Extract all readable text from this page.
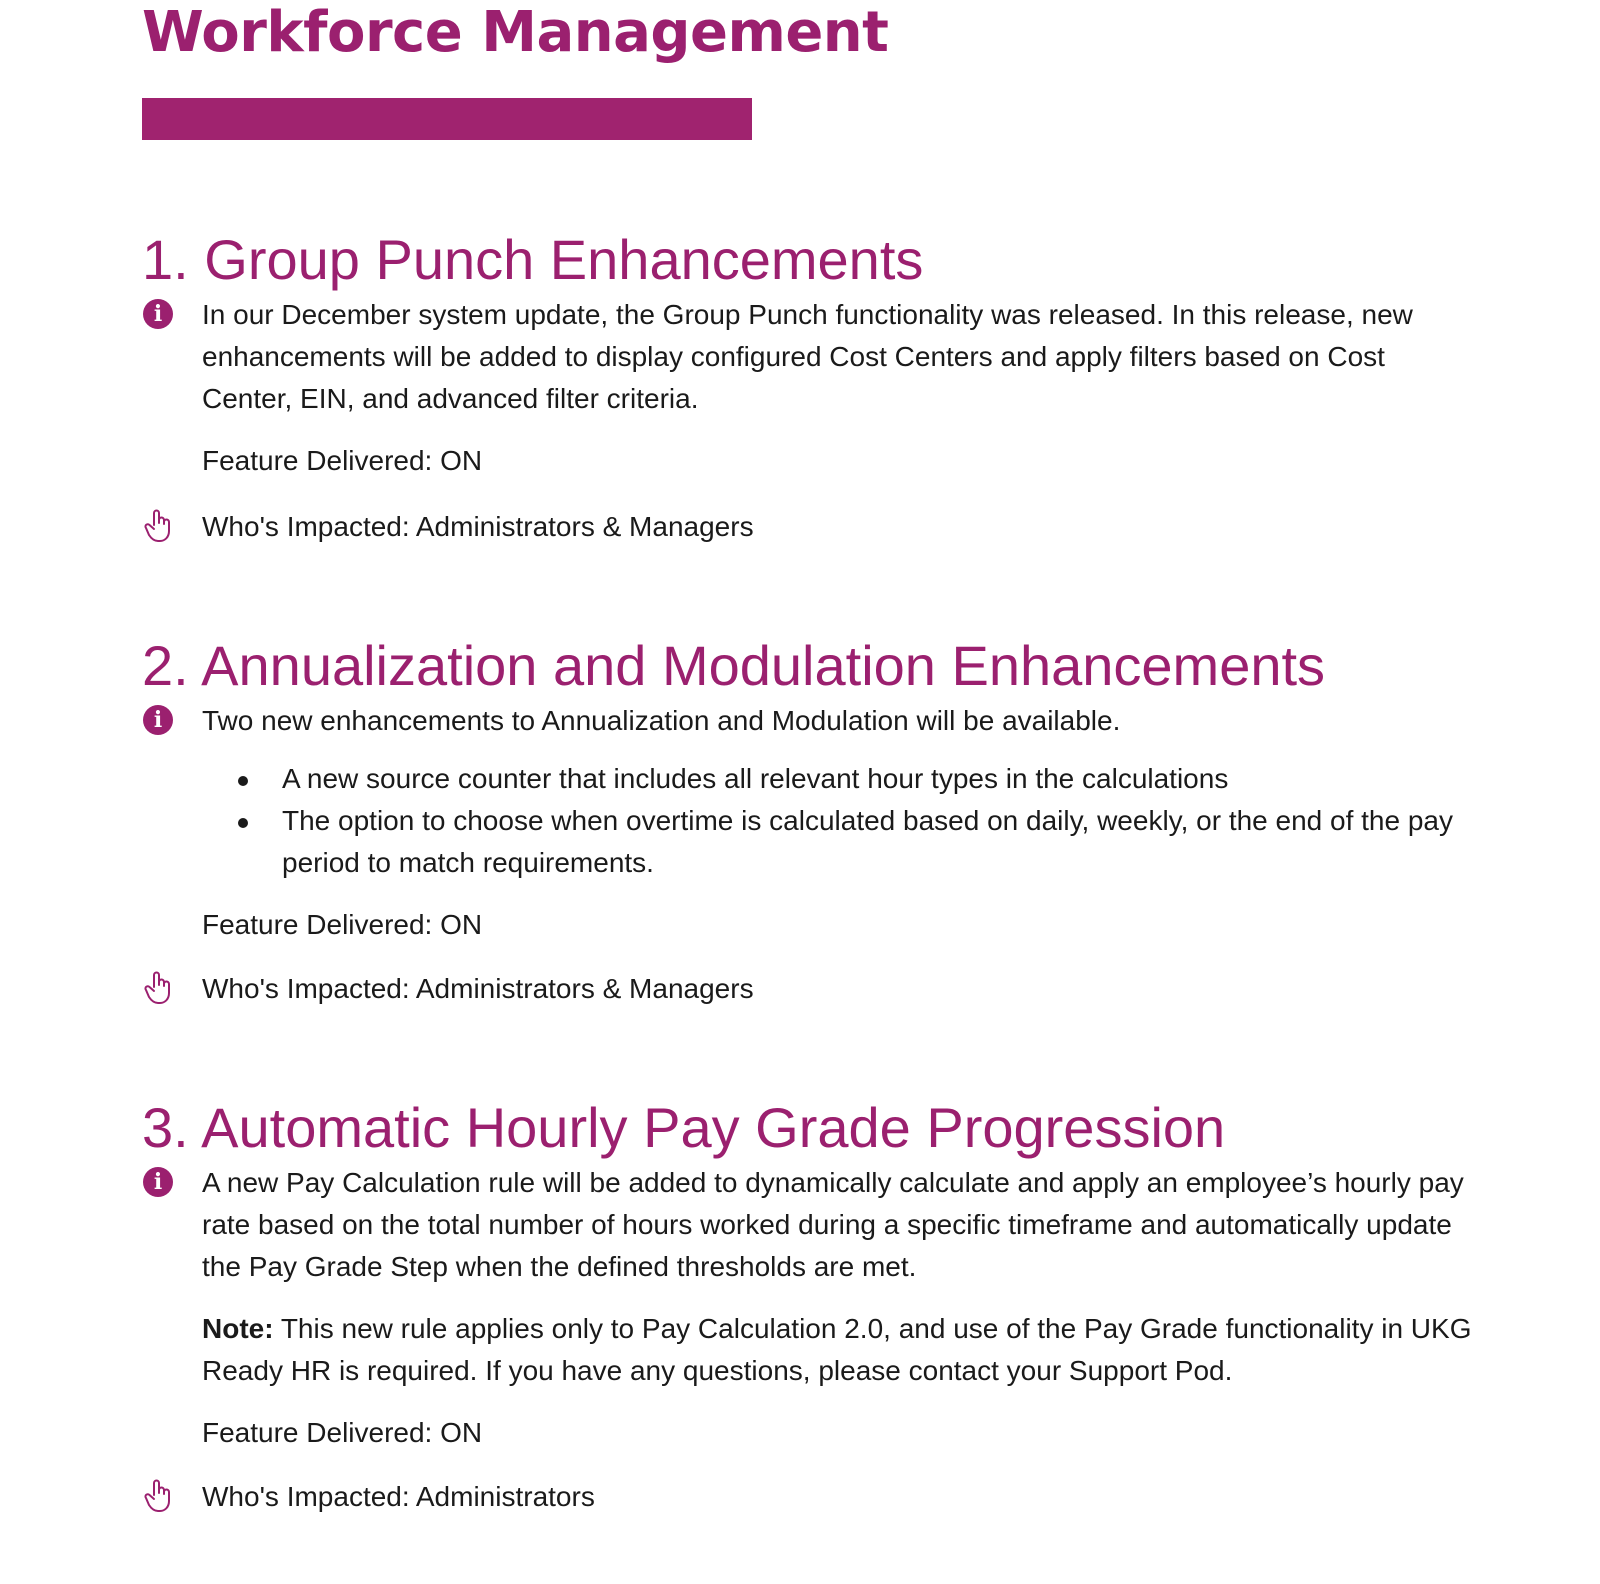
Workforce Management
1. Group Punch Enhancements
i	In our December system update, the Group Punch functionality was released. In this release, new enhancements will be added to display configured Cost Centers and apply filters based on Cost Center, EIN, and advanced filter criteria.

Feature Delivered: ON

Who's Impacted: Administrators & Managers

2. Annualization and Modulation Enhancements
i	Two new enhancements to Annualization and Modulation will be available.

A new source counter that includes all relevant hour types in the calculations
The option to choose when overtime is calculated based on daily, weekly, or the end of the pay period to match requirements.

Feature Delivered: ON

Who's Impacted: Administrators & Managers

3. Automatic Hourly Pay Grade Progression
i	A new Pay Calculation rule will be added to dynamically calculate and apply an employee’s hourly pay rate based on the total number of hours worked during a specific timeframe and automatically update the Pay Grade Step when the defined thresholds are met.

Note: This new rule applies only to Pay Calculation 2.0, and use of the Pay Grade functionality in UKG Ready HR is required. If you have any questions, please contact your Support Pod.

Feature Delivered: ON

Who's Impacted: Administrators
